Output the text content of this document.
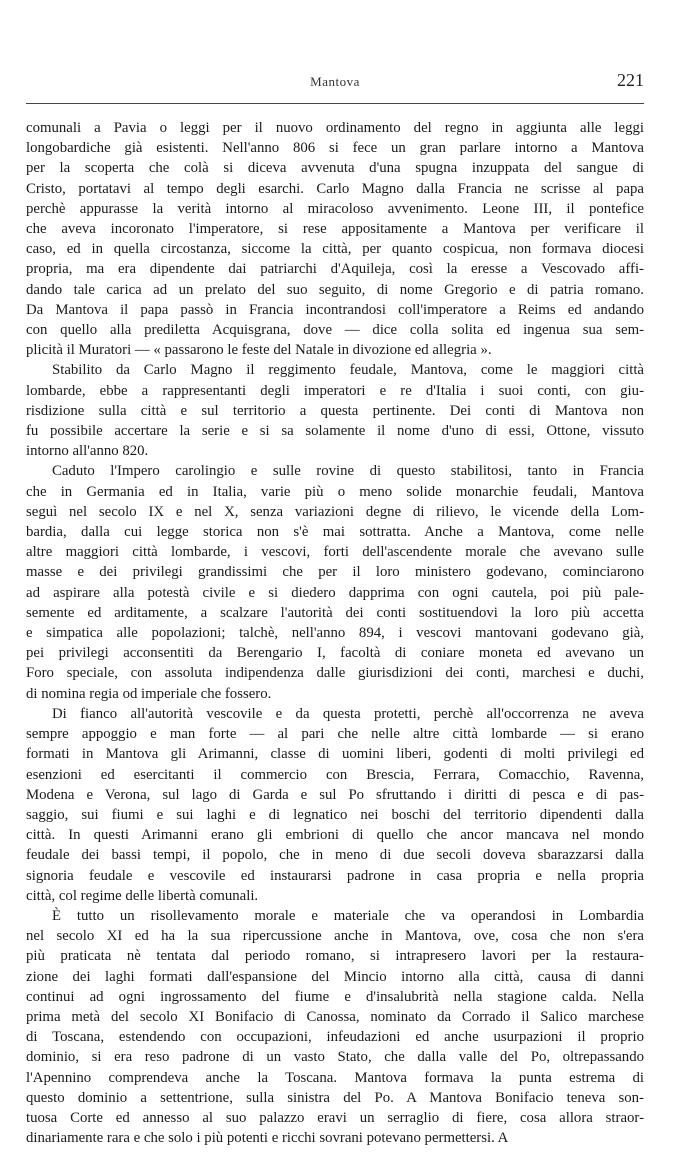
Mantova	221

comunali a Pavia o leggi per il nuovo ordinamento del regno in aggiunta alle leggi
longobardiche già esistenti. Nell'anno 806 si fece un gran parlare intorno a Mantova
per la scoperta che colà si diceva avvenuta d'una spugna inzuppata del sangue di
Cristo, portatavi al tempo degli esarchi. Carlo Magno dalla Francia ne scrisse al papa
perchè appurasse la verità intorno al miracoloso avvenimento. Leone III, il pontefice
che aveva incoronato l'imperatore, si rese appositamente a Mantova per verificare il
caso, ed in quella circostanza, siccome la città, per quanto cospicua, non formava diocesi
propria, ma era dipendente dai patriarchi d'Aquileja, così la eresse a Vescovado affi-
dando tale carica ad un prelato del suo seguito, di nome Gregorio e di patria romano.
Da Mantova il papa passò in Francia incontrandosi coll'imperatore a Reims ed andando
con quello alla prediletta Acquisgrana, dove — dice colla solita ed ingenua sua sem-
plicità il Muratori — « passarono le feste del Natale in divozione ed allegria ».

Stabilito da Carlo Magno il reggimento feudale, Mantova, come le maggiori città
lombarde, ebbe a rappresentanti degli imperatori e re d'Italia i suoi conti, con giu-
risdizione sulla città e sul territorio a questa pertinente. Dei conti di Mantova non
fu possibile accertare la serie e si sa solamente il nome d'uno di essi, Ottone, vissuto
intorno all'anno 820.

Caduto l'Impero carolingio e sulle rovine di questo stabilitosi, tanto in Francia
che in Germania ed in Italia, varie più o meno solide monarchie feudali, Mantova
seguì nel secolo IX e nel X, senza variazioni degne di rilievo, le vicende della Lom-
bardia, dalla cui legge storica non s'è mai sottratta. Anche a Mantova, come nelle
altre maggiori città lombarde, i vescovi, forti dell'ascendente morale che avevano sulle
masse e dei privilegi grandissimi che per il loro ministero godevano, cominciarono
ad aspirare alla potestà civile e si diedero dapprima con ogni cautela, poi più pale-
semente ed arditamente, a scalzare l'autorità dei conti sostituendovi la loro più accetta
e simpatica alle popolazioni; talchè, nell'anno 894, i vescovi mantovani godevano già,
pei privilegi acconsentiti da Berengario I, facoltà di coniare moneta ed avevano un
Foro speciale, con assoluta indipendenza dalle giurisdizioni dei conti, marchesi e duchi,
di nomina regia od imperiale che fossero.

Di fianco all'autorità vescovile e da questa protetti, perchè all'occorrenza ne aveva
sempre appoggio e man forte — al pari che nelle altre città lombarde — si erano
formati in Mantova gli Arimanni, classe di uomini liberi, godenti di molti privilegi ed
esenzioni ed esercitanti il commercio con Brescia, Ferrara, Comacchio, Ravenna,
Modena e Verona, sul lago di Garda e sul Po sfruttando i diritti di pesca e di pas-
saggio, sui fiumi e sui laghi e di legnatico nei boschi del territorio dipendenti dalla
città. In questi Arimanni erano gli embrioni di quello che ancor mancava nel mondo
feudale dei bassi tempi, il popolo, che in meno di due secoli doveva sbarazzarsi dalla
signoria feudale e vescovile ed instaurarsi padrone in casa propria e nella propria
città, col regime delle libertà comunali.

È tutto un risollevamento morale e materiale che va operandosi in Lombardia
nel secolo XI ed ha la sua ripercussione anche in Mantova, ove, cosa che non s'era
più praticata nè tentata dal periodo romano, si intrapresero lavori per la restaura-
zione dei laghi formati dall'espansione del Mincio intorno alla città, causa di danni
continui ad ogni ingrossamento del fiume e d'insalubrità nella stagione calda. Nella
prima metà del secolo XI Bonifacio di Canossa, nominato da Corrado il Salico marchese
di Toscana, estendendo con occupazioni, infeudazioni ed anche usurpazioni il proprio
dominio, si era reso padrone di un vasto Stato, che dalla valle del Po, oltrepassando
l'Apennino comprendeva anche la Toscana. Mantova formava la punta estrema di
questo dominio a settentrione, sulla sinistra del Po. A Mantova Bonifacio teneva son-
tuosa Corte ed annesso al suo palazzo eravi un serraglio di fiere, cosa allora straor-
dinariamente rara e che solo i più potenti e ricchi sovrani potevano permettersi. A
